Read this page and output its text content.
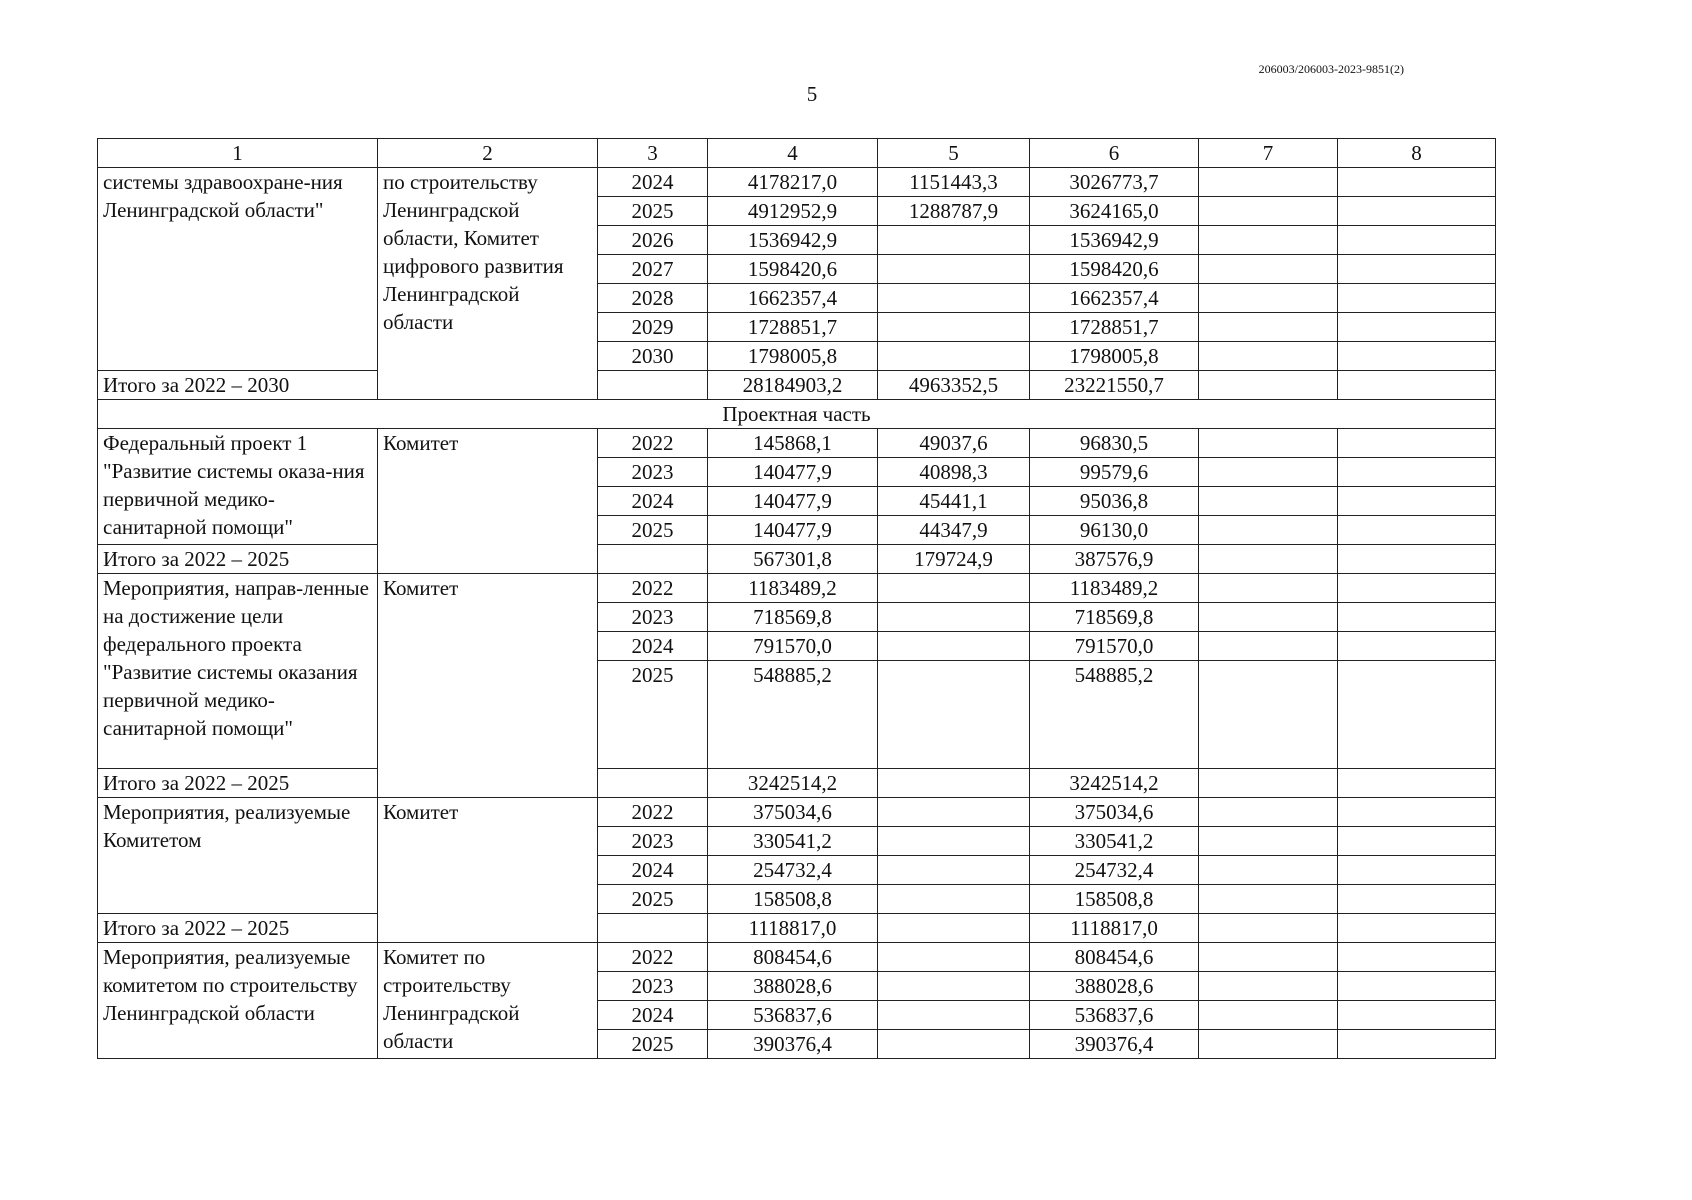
206003/206003-2023-9851(2)
5
1	2	3	4	5	6	7	8
системы здравоохране-ния Ленинградской области"	по строительству Ленинградской области, Комитет цифрового развития Ленинградской области	2024	4178217,0	1151443,3	3026773,7		
		2025	4912952,9	1288787,9	3624165,0		
		2026	1536942,9		1536942,9		
		2027	1598420,6		1598420,6		
		2028	1662357,4		1662357,4		
		2029	1728851,7		1728851,7		
		2030	1798005,8		1798005,8		
Итого за 2022 – 2030			28184903,2	4963352,5	23221550,7		
Проектная часть							
Федеральный проект 1 "Развитие системы оказа-ния первичной медико-санитарной помощи"	Комитет	2022	145868,1	49037,6	96830,5		
		2023	140477,9	40898,3	99579,6		
		2024	140477,9	45441,1	95036,8		
		2025	140477,9	44347,9	96130,0		
Итого за 2022 – 2025			567301,8	179724,9	387576,9		
Мероприятия, направ-ленные на достижение цели федерального проекта "Развитие системы оказания первичной медико-санитарной помощи"	Комитет	2022	1183489,2		1183489,2		
		2023	718569,8		718569,8		
		2024	791570,0		791570,0		
		2025	548885,2		548885,2		
Итого за 2022 – 2025			3242514,2		3242514,2		
Мероприятия, реализуемые Комитетом	Комитет	2022	375034,6		375034,6		
		2023	330541,2		330541,2		
		2024	254732,4		254732,4		
		2025	158508,8		158508,8		
Итого за 2022 – 2025			1118817,0		1118817,0		
Мероприятия, реализуемые комитетом по строительству Ленинградской области	Комитет по строительству Ленинградской области	2022	808454,6		808454,6		
		2023	388028,6		388028,6		
		2024	536837,6		536837,6		
		2025	390376,4		390376,4		
